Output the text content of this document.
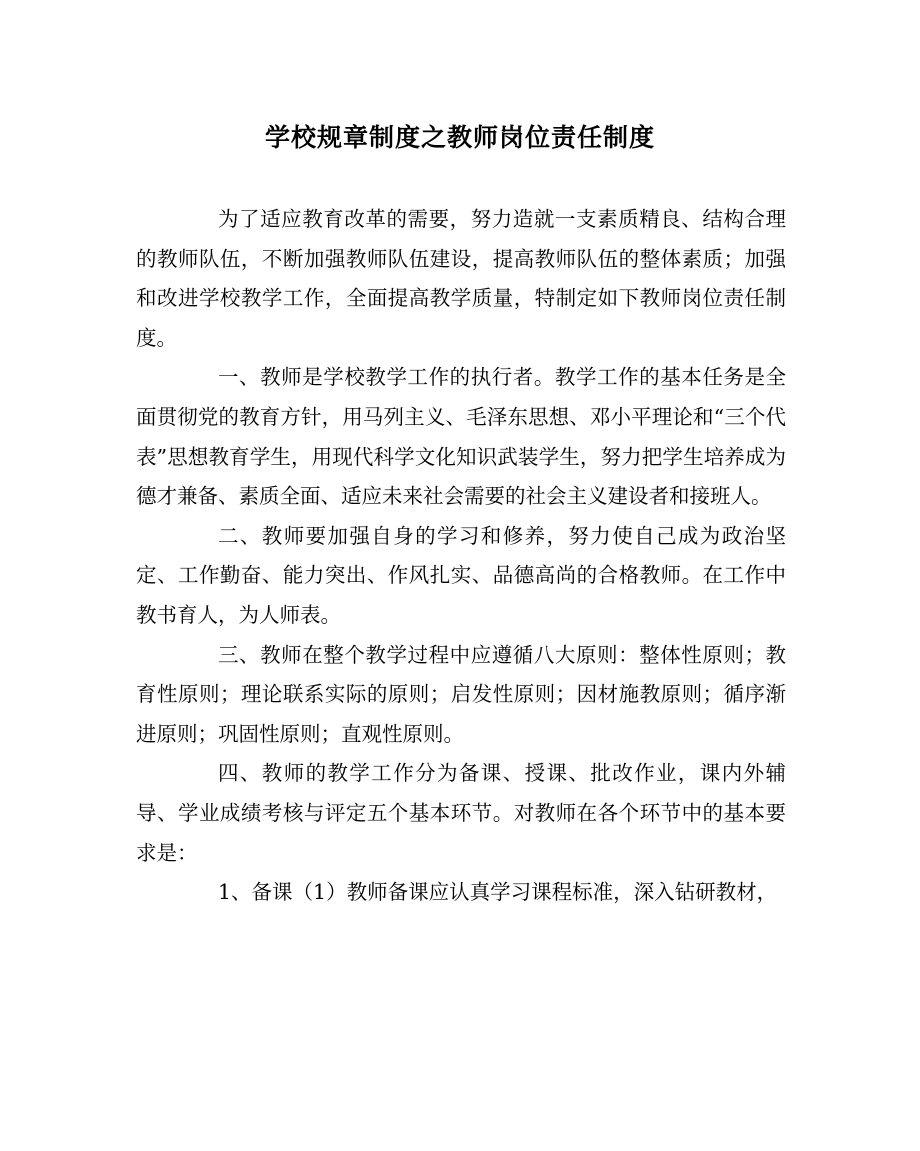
学校规章制度之教师岗位责任制度

为了适应教育改革的需要，努力造就一支素质精良、结构合理的教师队伍，不断加强教师队伍建设，提高教师队伍的整体素质；加强和改进学校教学工作，全面提高教学质量，特制定如下教师岗位责任制度。

一、教师是学校教学工作的执行者。教学工作的基本任务是全面贯彻党的教育方针，用马列主义、毛泽东思想、邓小平理论和“三个代表”思想教育学生，用现代科学文化知识武装学生，努力把学生培养成为德才兼备、素质全面、适应未来社会需要的社会主义建设者和接班人。

二、教师要加强自身的学习和修养，努力使自己成为政治坚定、工作勤奋、能力突出、作风扎实、品德高尚的合格教师。在工作中教书育人，为人师表。

三、教师在整个教学过程中应遵循八大原则：整体性原则；教育性原则；理论联系实际的原则；启发性原则；因材施教原则；循序渐进原则；巩固性原则；直观性原则。

四、教师的教学工作分为备课、授课、批改作业，课内外辅导、学业成绩考核与评定五个基本环节。对教师在各个环节中的基本要求是：

1、备课（1）教师备课应认真学习课程标准，深入钻研教材，
